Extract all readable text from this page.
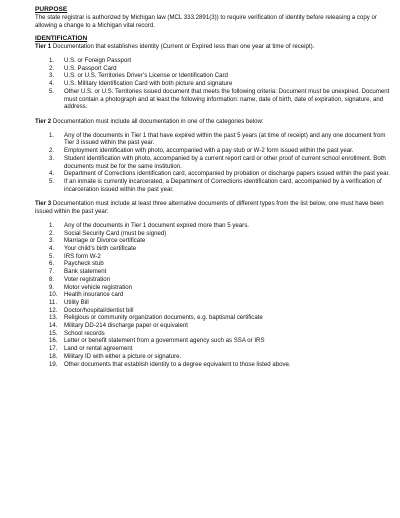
PURPOSE

The state registrar is authorized by Michigan law (MCL 333.2891(3)) to require verification of identity before releasing a copy or allowing a change to a Michigan vital record.

IDENTIFICATION

Tier 1 Documentation that establishes identity (Current or Expired less than one year at time of receipt).

1.	U.S. or Foreign Passport
2.	U.S. Passport Card
3.	U.S. or U.S. Territories Driver’s License or Identification Card
4.	U.S. Military Identification Card with both picture and signature
5.	Other U.S. or U.S. Territories issued document that meets the following criteria: Document must be unexpired. Document must contain a photograph and at least the following information: name, date of birth, date of expiration, signature, and address.

Tier 2 Documentation must include all documentation in one of the categories below:

1.	Any of the documents in Tier 1 that have expired within the past 5 years (at time of receipt) and any one document from Tier 3 issued within the past year.
2.	Employment identification with photo, accompanied with a pay stub or W-2 form issued within the past year.
3.	Student identification with photo, accompanied by a current report card or other proof of current school enrollment. Both documents must be for the same institution.
4.	Department of Corrections identification card, accompanied by probation or discharge papers issued within the past year.
5.	If an inmate is currently incarcerated, a Department of Corrections identification card, accompanied by a verification of incarceration issued within the past year.

Tier 3 Documentation must include at least three alternative documents of different types from the list below, one must have been issued within the past year:

1.	Any of the documents in Tier 1 document expired more than 5 years.
2.	Social Security Card (must be signed)
3.	Marriage or Divorce certificate
4.	Your child’s birth certificate
5.	IRS form W-2
6.	Paycheck stub
7.	Bank statement
8.	Voter registration
9.	Motor vehicle registration
10.	Health insurance card
11.	Utility Bill
12.	Doctor/hospital/dentist bill
13.	Religious or community organization documents, e.g. baptismal certificate
14.	Military DD-214 discharge paper or equivalent
15.	School records
16.	Letter or benefit statement from a government agency such as SSA or IRS
17.	Land or rental agreement
18.	Military ID with either a picture or signature.
19.	Other documents that establish identity to a degree equivalent to those listed above.
